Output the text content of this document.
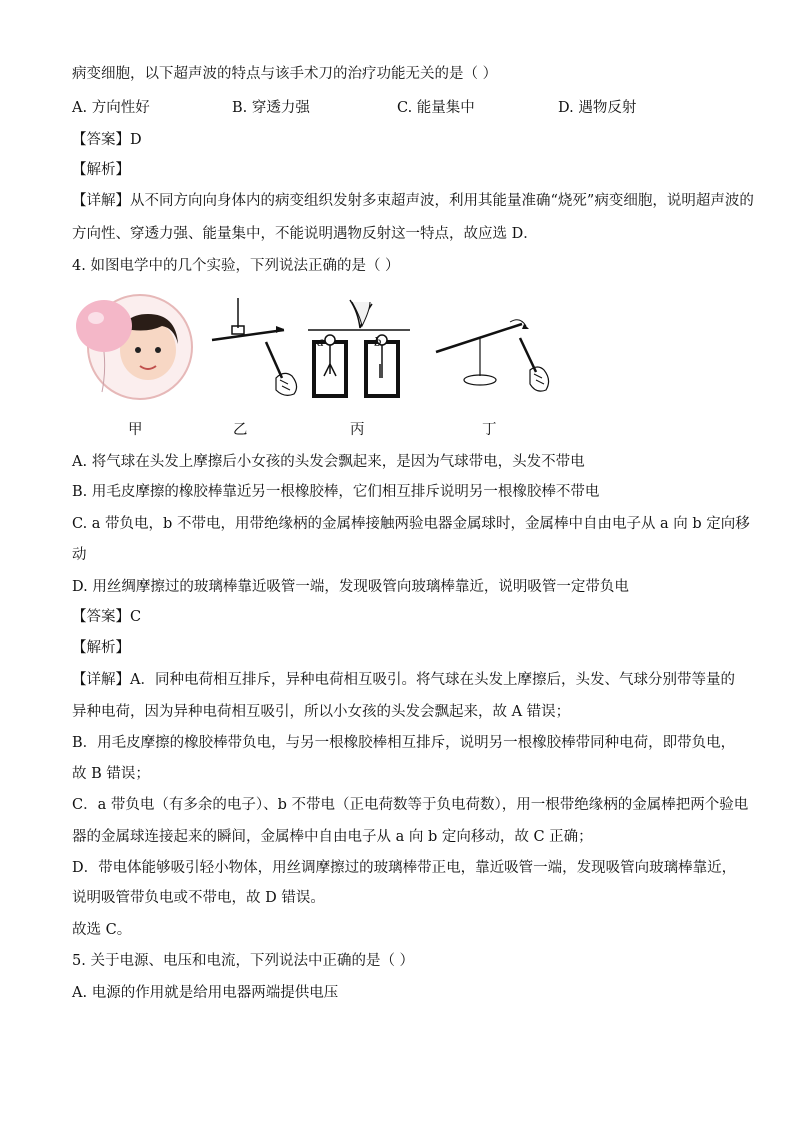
病变细胞，以下超声波的特点与该手术刀的治疗功能无关的是（ ）
A. 方向性好	B. 穿透力强	C. 能量集中	D. 遇物反射
【答案】D
【解析】
【详解】从不同方向向身体内的病变组织发射多束超声波，利用其能量准确“烧死”病变细胞，说明超声波的
方向性、穿透力强、能量集中，不能说明遇物反射这一特点，故应选 D．
4. 如图电学中的几个实验，下列说法正确的是（ ）
甲	乙
a	b
丙	丁
A. 将气球在头发上摩擦后小女孩的头发会飘起来，是因为气球带电，头发不带电
B. 用毛皮摩擦的橡胶棒靠近另一根橡胶棒，它们相互排斥说明另一根橡胶棒不带电
C. a 带负电，b 不带电，用带绝缘柄的金属棒接触两验电器金属球时，金属棒中自由电子从 a 向 b 定向移
动
D. 用丝绸摩擦过的玻璃棒靠近吸管一端，发现吸管向玻璃棒靠近，说明吸管一定带负电
【答案】C
【解析】
【详解】A．同种电荷相互排斥，异种电荷相互吸引。将气球在头发上摩擦后，头发、气球分别带等量的
异种电荷，因为异种电荷相互吸引，所以小女孩的头发会飘起来，故 A 错误；
B．用毛皮摩擦的橡胶棒带负电，与另一根橡胶棒相互排斥，说明另一根橡胶棒带同种电荷，即带负电，
故 B 错误；
C．a 带负电（有多余的电子）、b 不带电（正电荷数等于负电荷数），用一根带绝缘柄的金属棒把两个验电
器的金属球连接起来的瞬间，金属棒中自由电子从 a 向 b 定向移动，故 C 正确；
D．带电体能够吸引轻小物体，用丝调摩擦过的玻璃棒带正电，靠近吸管一端，发现吸管向玻璃棒靠近，
说明吸管带负电或不带电，故 D 错误。
故选 C。
5. 关于电源、电压和电流，下列说法中正确的是（ ）
A. 电源的作用就是给用电器两端提供电压
